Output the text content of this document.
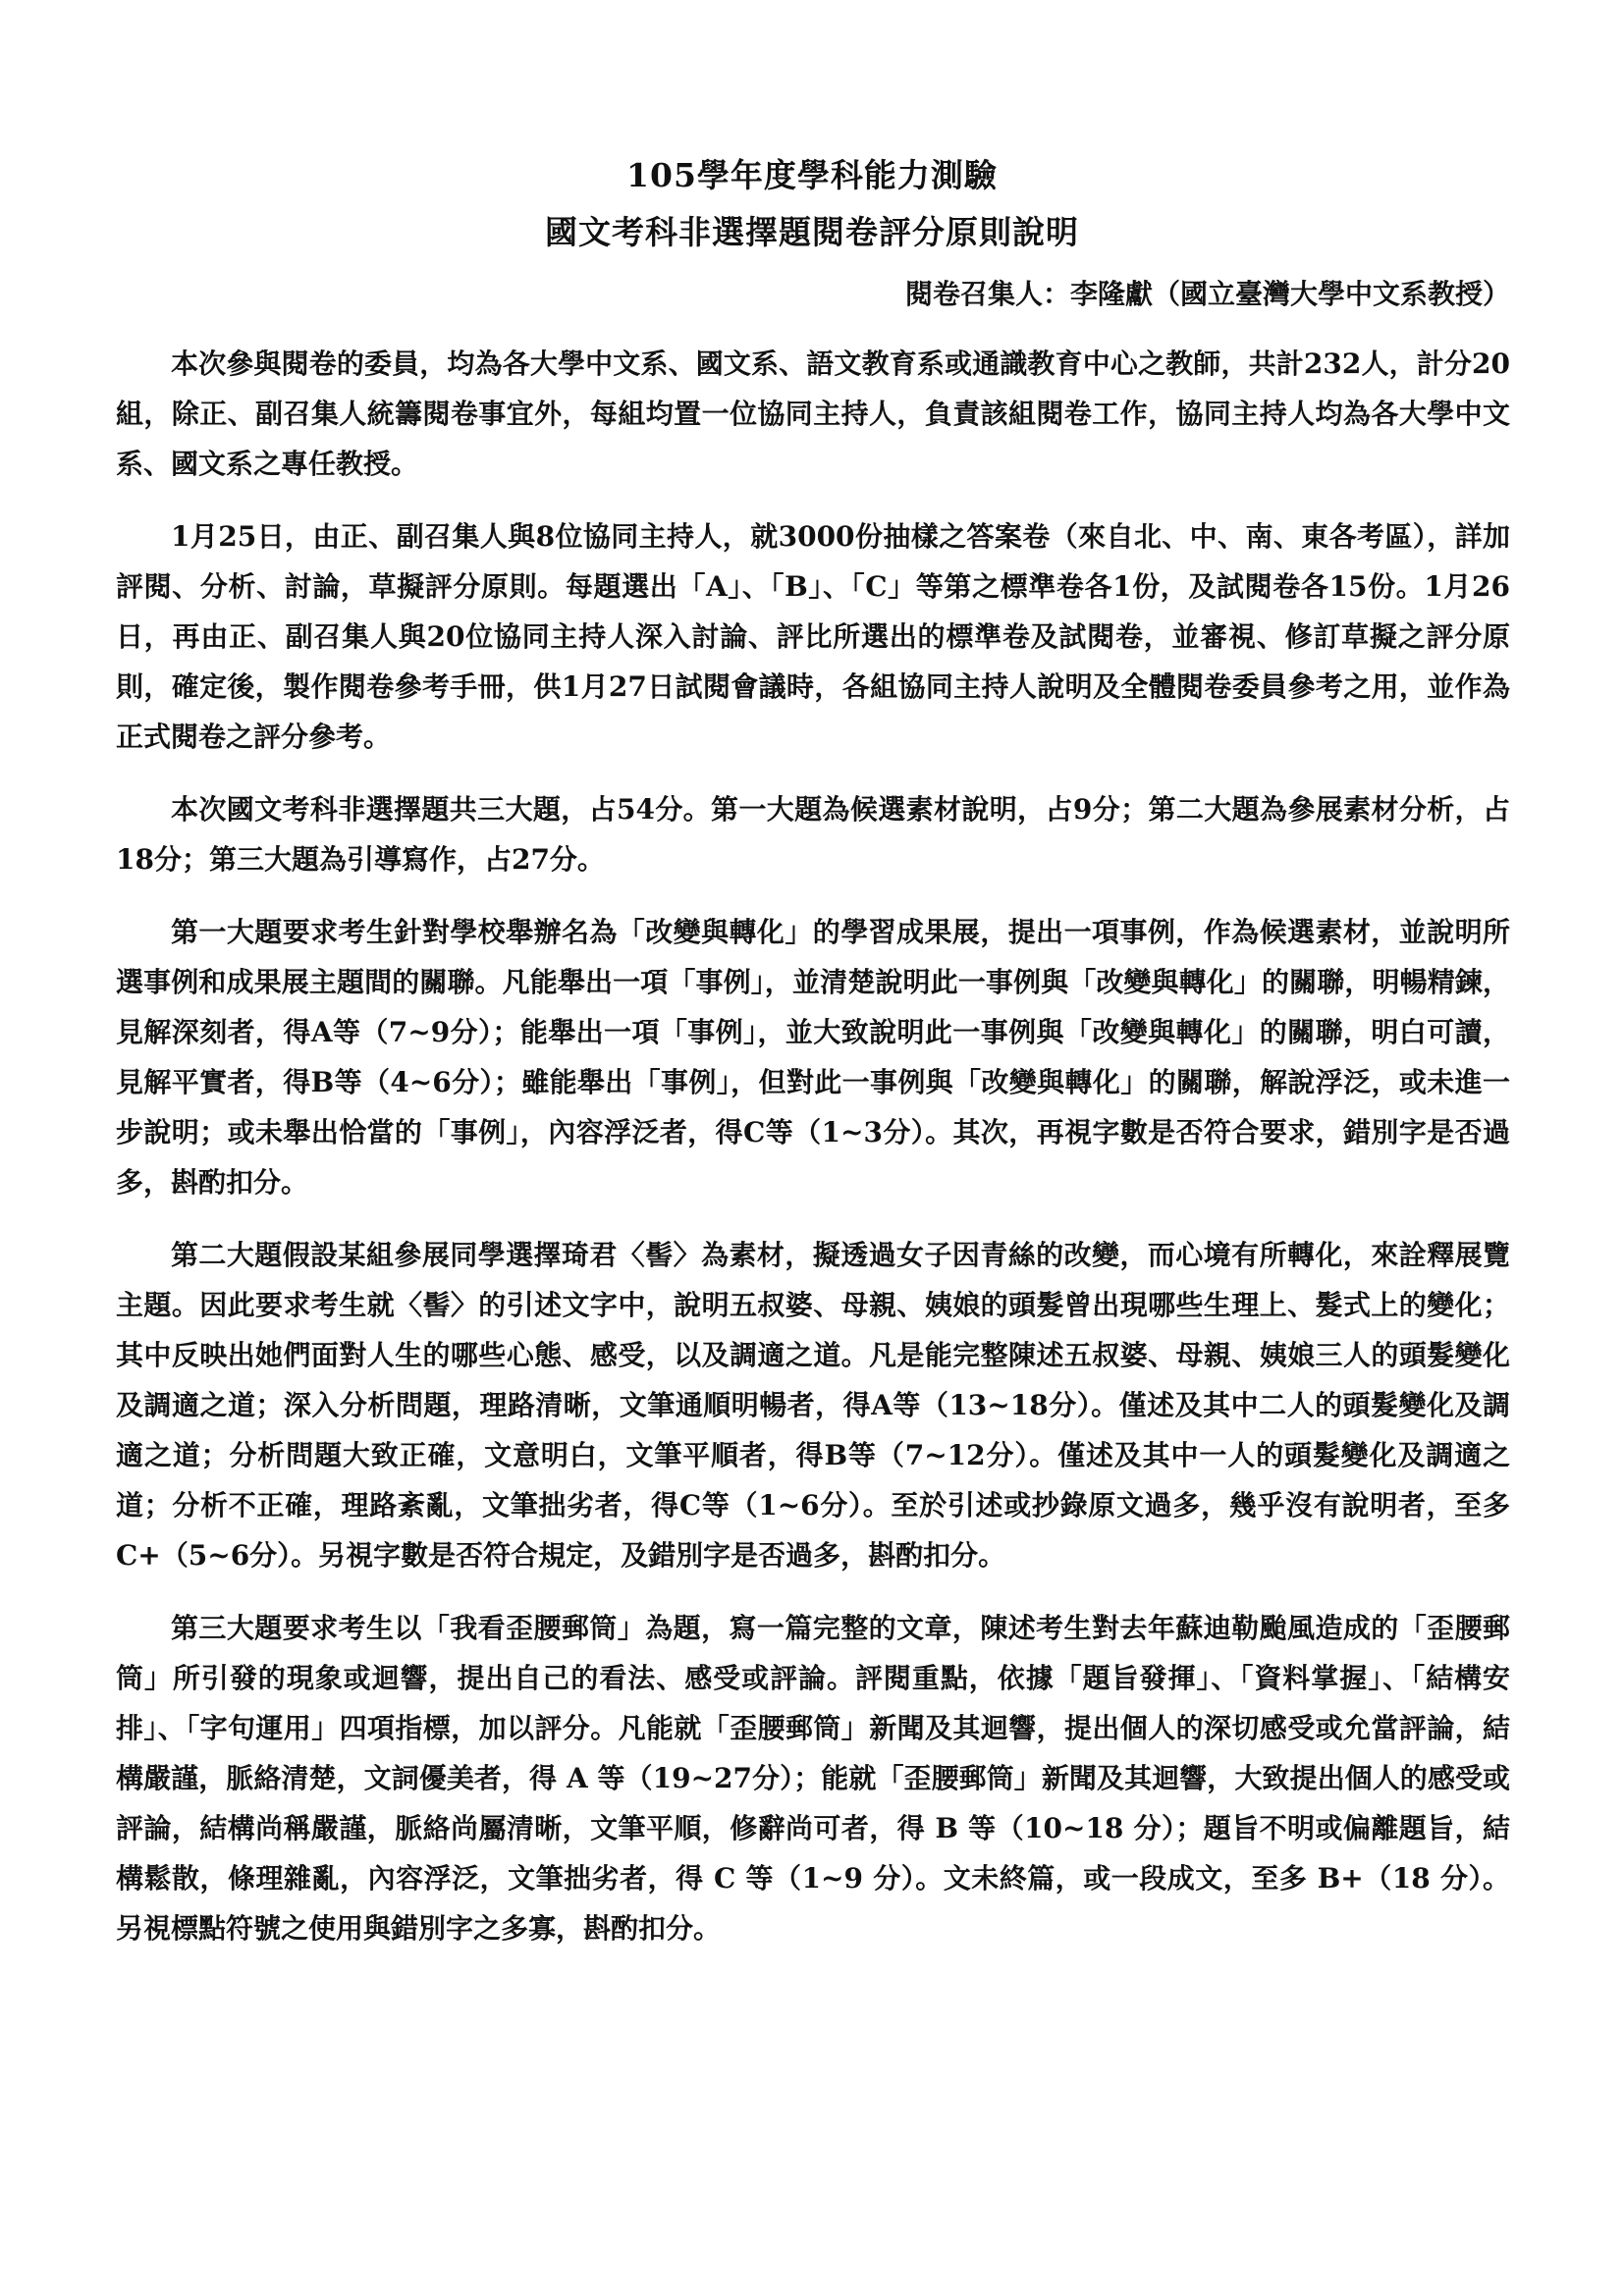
105學年度學科能力測驗
國文考科非選擇題閱卷評分原則說明
閱卷召集人：李隆獻（國立臺灣大學中文系教授）

本次參與閱卷的委員，均為各大學中文系、國文系、語文教育系或通識教育中心之教師，共計232人，計分20組，除正、副召集人統籌閱卷事宜外，每組均置一位協同主持人，負責該組閱卷工作，協同主持人均為各大學中文系、國文系之專任教授。

1月25日，由正、副召集人與8位協同主持人，就3000份抽樣之答案卷（來自北、中、南、東各考區），詳加評閱、分析、討論，草擬評分原則。每題選出「A」、「B」、「C」等第之標準卷各1份，及試閱卷各15份。1月26日，再由正、副召集人與20位協同主持人深入討論、評比所選出的標準卷及試閱卷，並審視、修訂草擬之評分原則，確定後，製作閱卷參考手冊，供1月27日試閱會議時，各組協同主持人說明及全體閱卷委員參考之用，並作為正式閱卷之評分參考。

本次國文考科非選擇題共三大題，占54分。第一大題為候選素材說明，占9分；第二大題為參展素材分析，占18分；第三大題為引導寫作，占27分。

第一大題要求考生針對學校舉辦名為「改變與轉化」的學習成果展，提出一項事例，作為候選素材，並說明所選事例和成果展主題間的關聯。凡能舉出一項「事例」，並清楚說明此一事例與「改變與轉化」的關聯，明暢精鍊，見解深刻者，得A等（7~9分）；能舉出一項「事例」，並大致說明此一事例與「改變與轉化」的關聯，明白可讀，見解平實者，得B等（4~6分）；雖能舉出「事例」，但對此一事例與「改變與轉化」的關聯，解說浮泛，或未進一步說明；或未舉出恰當的「事例」，內容浮泛者，得C等（1~3分）。其次，再視字數是否符合要求，錯別字是否過多，斟酌扣分。

第二大題假設某組參展同學選擇琦君〈髻〉為素材，擬透過女子因青絲的改變，而心境有所轉化，來詮釋展覽主題。因此要求考生就〈髻〉的引述文字中，說明五叔婆、母親、姨娘的頭髮曾出現哪些生理上、髮式上的變化；其中反映出她們面對人生的哪些心態、感受，以及調適之道。凡是能完整陳述五叔婆、母親、姨娘三人的頭髮變化及調適之道；深入分析問題，理路清晰，文筆通順明暢者，得A等（13~18分）。僅述及其中二人的頭髮變化及調適之道；分析問題大致正確，文意明白，文筆平順者，得B等（7~12分）。僅述及其中一人的頭髮變化及調適之道；分析不正確，理路紊亂，文筆拙劣者，得C等（1~6分）。至於引述或抄錄原文過多，幾乎沒有說明者，至多C+（5~6分）。另視字數是否符合規定，及錯別字是否過多，斟酌扣分。

第三大題要求考生以「我看歪腰郵筒」為題，寫一篇完整的文章，陳述考生對去年蘇迪勒颱風造成的「歪腰郵筒」所引發的現象或迴響，提出自己的看法、感受或評論。評閱重點，依據「題旨發揮」、「資料掌握」、「結構安排」、「字句運用」四項指標，加以評分。凡能就「歪腰郵筒」新聞及其迴響，提出個人的深切感受或允當評論，結構嚴謹，脈絡清楚，文詞優美者，得 A 等（19~27分）；能就「歪腰郵筒」新聞及其迴響，大致提出個人的感受或評論，結構尚稱嚴謹，脈絡尚屬清晰，文筆平順，修辭尚可者，得 B 等（10~18 分）；題旨不明或偏離題旨，結構鬆散，條理雜亂，內容浮泛，文筆拙劣者，得 C 等（1~9 分）。文未終篇，或一段成文，至多 B+（18 分）。另視標點符號之使用與錯別字之多寡，斟酌扣分。
